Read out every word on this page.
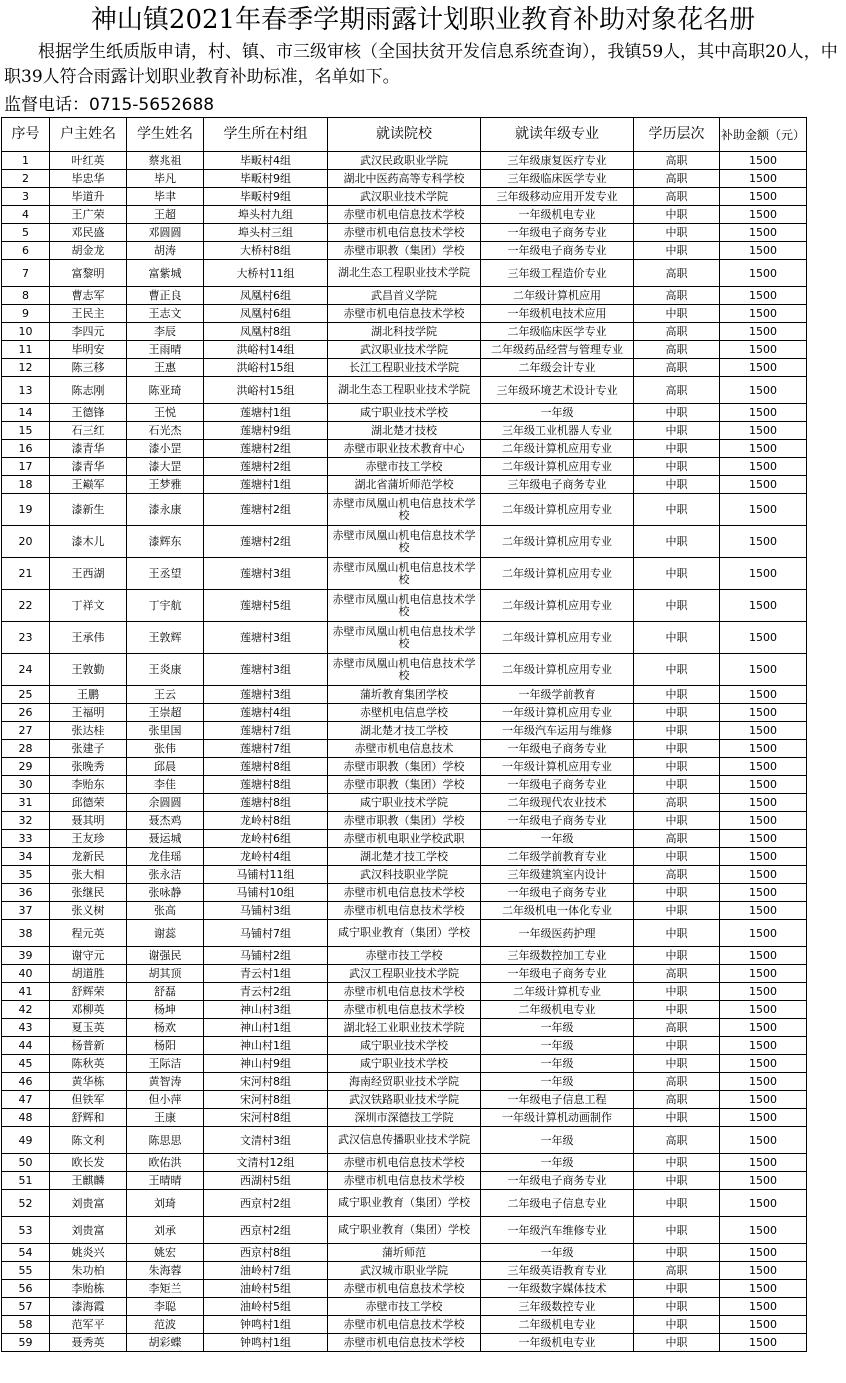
神山镇2021年春季学期雨露计划职业教育补助对象花名册
根据学生纸质版申请，村、镇、市三级审核（全国扶贫开发信息系统查询），我镇59人，其中高职20人，中职39人符合雨露计划职业教育补助标准，名单如下。
监督电话：0715-5652688
序号	户主姓名	学生姓名	学生所在村组	就读院校	就读年级专业	学历层次	补助金额（元）
1	叶红英	蔡兆祖	毕畈村4组	武汉民政职业学院	三年级康复医疗专业	高职	1500
2	毕忠华	毕凡	毕畈村9组	湖北中医药高等专科学校	三年级临床医学专业	高职	1500
3	毕道升	毕聿	毕畈村9组	武汉职业技术学院	三年级移动应用开发专业	高职	1500
4	王广荣	王超	埠头村九组	赤壁市机电信息技术学校	一年级机电专业	中职	1500
5	邓民盛	邓圆圆	埠头村三组	赤壁市机电信息技术学校	一年级电子商务专业	中职	1500
6	胡金龙	胡涛	大桥村8组	赤壁市职教（集团）学校	一年级电子商务专业	中职	1500
7	富黎明	富紫城	大桥村11组	湖北生态工程职业技术学院	三年级工程造价专业	高职	1500
8	曹志军	曹正良	凤凰村6组	武昌首义学院	二年级计算机应用	高职	1500
9	王民主	王志文	凤凰村6组	赤壁市机电信息技术学校	一年级机电技术应用	中职	1500
10	李四元	李辰	凤凰村8组	湖北科技学院	二年级临床医学专业	高职	1500
11	毕明安	王雨晴	洪峪村14组	武汉职业技术学院	二年级药品经营与管理专业	高职	1500
12	陈三移	王惠	洪峪村15组	长江工程职业技术学院	二年级会计专业	高职	1500
13	陈志刚	陈亚琦	洪峪村15组	湖北生态工程职业技术学院	三年级环境艺术设计专业	高职	1500
14	王德锋	王悦	莲塘村1组	咸宁职业技术学校	一年级	中职	1500
15	石三红	石光杰	莲塘村9组	湖北楚才技校	三年级工业机器人专业	中职	1500
16	漆青华	漆小罡	莲塘村2组	赤壁市职业技术教育中心	二年级计算机应用专业	中职	1500
17	漆青华	漆大罡	莲塘村2组	赤壁市技工学校	二年级计算机应用专业	中职	1500
18	王巅军	王梦雅	莲塘村1组	湖北省蒲圻师范学校	三年级电子商务专业	中职	1500
19	漆新生	漆永康	莲塘村2组	赤壁市凤凰山机电信息技术学校	二年级计算机应用专业	中职	1500
20	漆木儿	漆辉东	莲塘村2组	赤壁市凤凰山机电信息技术学校	二年级计算机应用专业	中职	1500
21	王西湖	王丞望	莲塘村3组	赤壁市凤凰山机电信息技术学校	二年级计算机应用专业	中职	1500
22	丁祥文	丁宇航	莲塘村5组	赤壁市凤凰山机电信息技术学校	二年级计算机应用专业	中职	1500
23	王承伟	王敦辉	莲塘村3组	赤壁市凤凰山机电信息技术学校	二年级计算机应用专业	中职	1500
24	王敦勤	王炎康	莲塘村3组	赤壁市凤凰山机电信息技术学校	二年级计算机应用专业	中职	1500
25	王鹏	王云	莲塘村3组	蒲圻教育集团学校	一年级学前教育	中职	1500
26	王福明	王崇超	莲塘村4组	赤壁机电信息学校	一年级计算机应用专业	中职	1500
27	张达桂	张里国	莲塘村7组	湖北楚才技工学校	一年级汽车运用与维修	中职	1500
28	张建子	张伟	莲塘村7组	赤壁市机电信息技术	一年级电子商务专业	中职	1500
29	张晚秀	邱晨	莲塘村8组	赤壁市职教（集团）学校	一年级计算机应用专业	中职	1500
30	李贻东	李佳	莲塘村8组	赤壁市职教（集团）学校	一年级电子商务专业	中职	1500
31	邱德荣	余圆圆	莲塘村8组	咸宁职业技术学院	二年级现代农业技术	高职	1500
32	聂其明	聂杰鸡	龙岭村8组	赤壁市职教（集团）学校	一年级电子商务专业	中职	1500
33	王友珍	聂运城	龙岭村6组	赤壁市机电职业学校武职	一年级	高职	1500
34	龙新民	龙佳瑶	龙岭村4组	湖北楚才技工学校	二年级学前教育专业	中职	1500
35	张大相	张永洁	马铺村11组	武汉科技职业学院	三年级建筑室内设计	高职	1500
36	张继民	张咏静	马铺村10组	赤壁市机电信息技术学校	一年级电子商务专业	中职	1500
37	张义树	张高	马铺村3组	赤壁市机电信息技术学校	二年级机电一体化专业	中职	1500
38	程元英	谢蕊	马铺村7组	咸宁职业教育（集团）学校	一年级医药护理	中职	1500
39	谢守元	谢强民	马铺村2组	赤壁市技工学校	三年级数控加工专业	中职	1500
40	胡道胜	胡其顶	青云村1组	武汉工程职业技术学院	一年级电子商务专业	高职	1500
41	舒辉荣	舒磊	青云村2组	赤壁市机电信息技术学校	二年级计算机专业	中职	1500
42	邓柳英	杨坤	神山村3组	赤壁市机电信息技术学校	二年级机电专业	中职	1500
43	夏玉英	杨欢	神山村1组	湖北轻工业职业技术学院	一年级	高职	1500
44	杨普新	杨阳	神山村1组	咸宁职业技术学校	一年级	中职	1500
45	陈秋英	王际洁	神山村9组	咸宁职业技术学校	一年级	中职	1500
46	黄华栋	黄智涛	宋河村8组	海南经贸职业技术学院	一年级	高职	1500
47	但铁军	但小萍	宋河村8组	武汉铁路职业技术学院	一年级电子信息工程	高职	1500
48	舒辉和	王康	宋河村8组	深圳市深德技工学院	一年级计算机动画制作	中职	1500
49	陈文利	陈思思	文清村3组	武汉信息传播职业技术学院	一年级	高职	1500
50	欧长发	欧佑洪	文清村12组	赤壁市机电信息技术学校	一年级	中职	1500
51	王麒麟	王晴晴	西湖村5组	赤壁市机电信息技术学校	一年级电子商务专业	中职	1500
52	刘贵富	刘琦	西京村2组	咸宁职业教育（集团）学校	二年级电子信息专业	中职	1500
53	刘贵富	刘承	西京村2组	咸宁职业教育（集团）学校	一年级汽车维修专业	中职	1500
54	姚炎兴	姚宏	西京村8组	蒲圻师范	一年级	中职	1500
55	朱功柏	朱海蓉	油岭村7组	武汉城市职业学院	三年级英语教育专业	高职	1500
56	李贻栋	李矩兰	油岭村5组	赤壁市机电信息技术学校	一年级数字媒体技术	中职	1500
57	漆海霞	李聪	油岭村5组	赤壁市技工学校	三年级数控专业	中职	1500
58	范军平	范波	钟鸣村1组	赤壁市机电信息技术学校	二年级机电专业	中职	1500
59	聂秀英	胡彩蝶	钟鸣村1组	赤壁市机电信息技术学校	一年级机电专业	中职	1500
